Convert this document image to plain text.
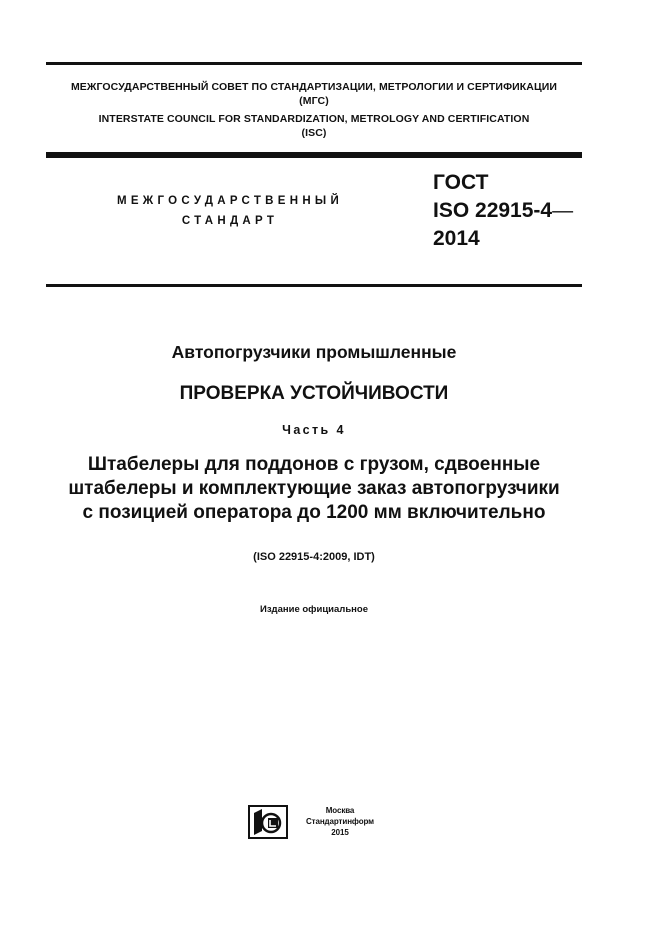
МЕЖГОСУДАРСТВЕННЫЙ СОВЕТ ПО СТАНДАРТИЗАЦИИ, МЕТРОЛОГИИ И СЕРТИФИКАЦИИ
(МГС)
INTERSTATE COUNCIL FOR STANDARDIZATION, METROLOGY AND CERTIFICATION
(ISC)
МЕЖГОСУДАРСТВЕННЫЙ
СТАНДАРТ
ГОСТ
ISO 22915-4—
2014
Автопогрузчики промышленные
ПРОВЕРКА УСТОЙЧИВОСТИ
Часть 4
Штабелеры для поддонов с грузом, сдвоенные
штабелеры и комплектующие заказ автопогрузчики
с позицией оператора до 1200 мм включительно
(ISO 22915-4:2009, IDT)
Издание официальное
Москва
Стандартинформ
2015
